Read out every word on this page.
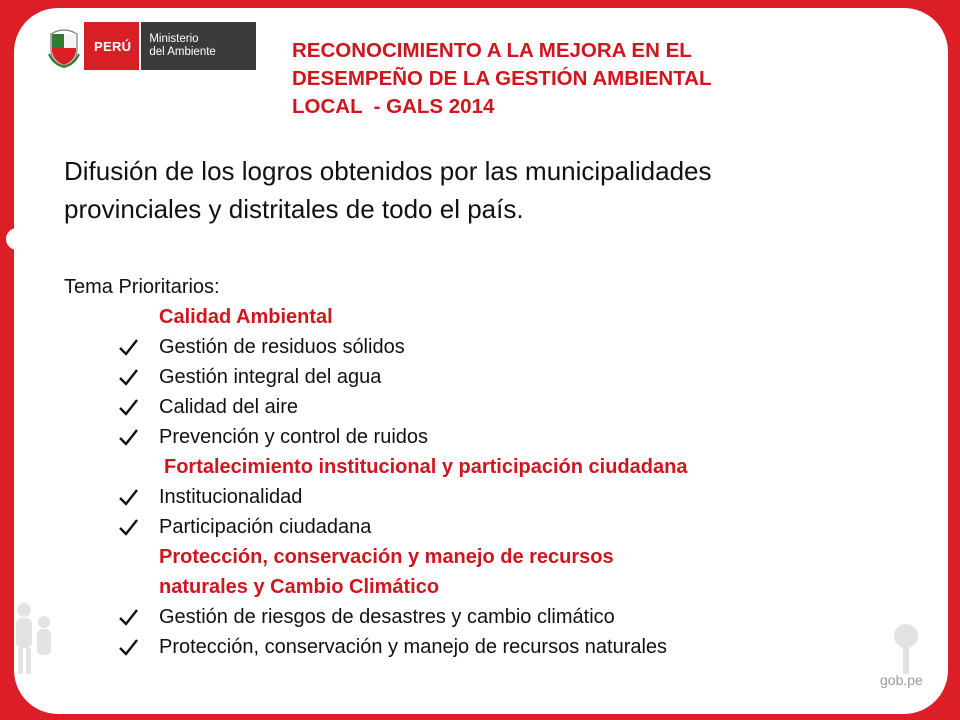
gob.pe
PERÚ	Ministerio
del Ambiente	RECONOCIMIENTO A LA MEJORA EN EL
DESEMPEÑO DE LA GESTIÓN AMBIENTAL
LOCAL  - GALS 2014

Difusión de los logros obtenidos por las municipalidades
provinciales y distritales de todo el país.

Tema Prioritarios:
Calidad Ambiental
Gestión de residuos sólidos
Gestión integral del agua
Calidad del aire
Prevención y control de ruidos
Fortalecimiento institucional y participación ciudadana
Institucionalidad
Participación ciudadana
Protección, conservación y manejo de recursos
naturales y Cambio Climático
Gestión de riesgos de desastres y cambio climático
Protección, conservación y manejo de recursos naturales
